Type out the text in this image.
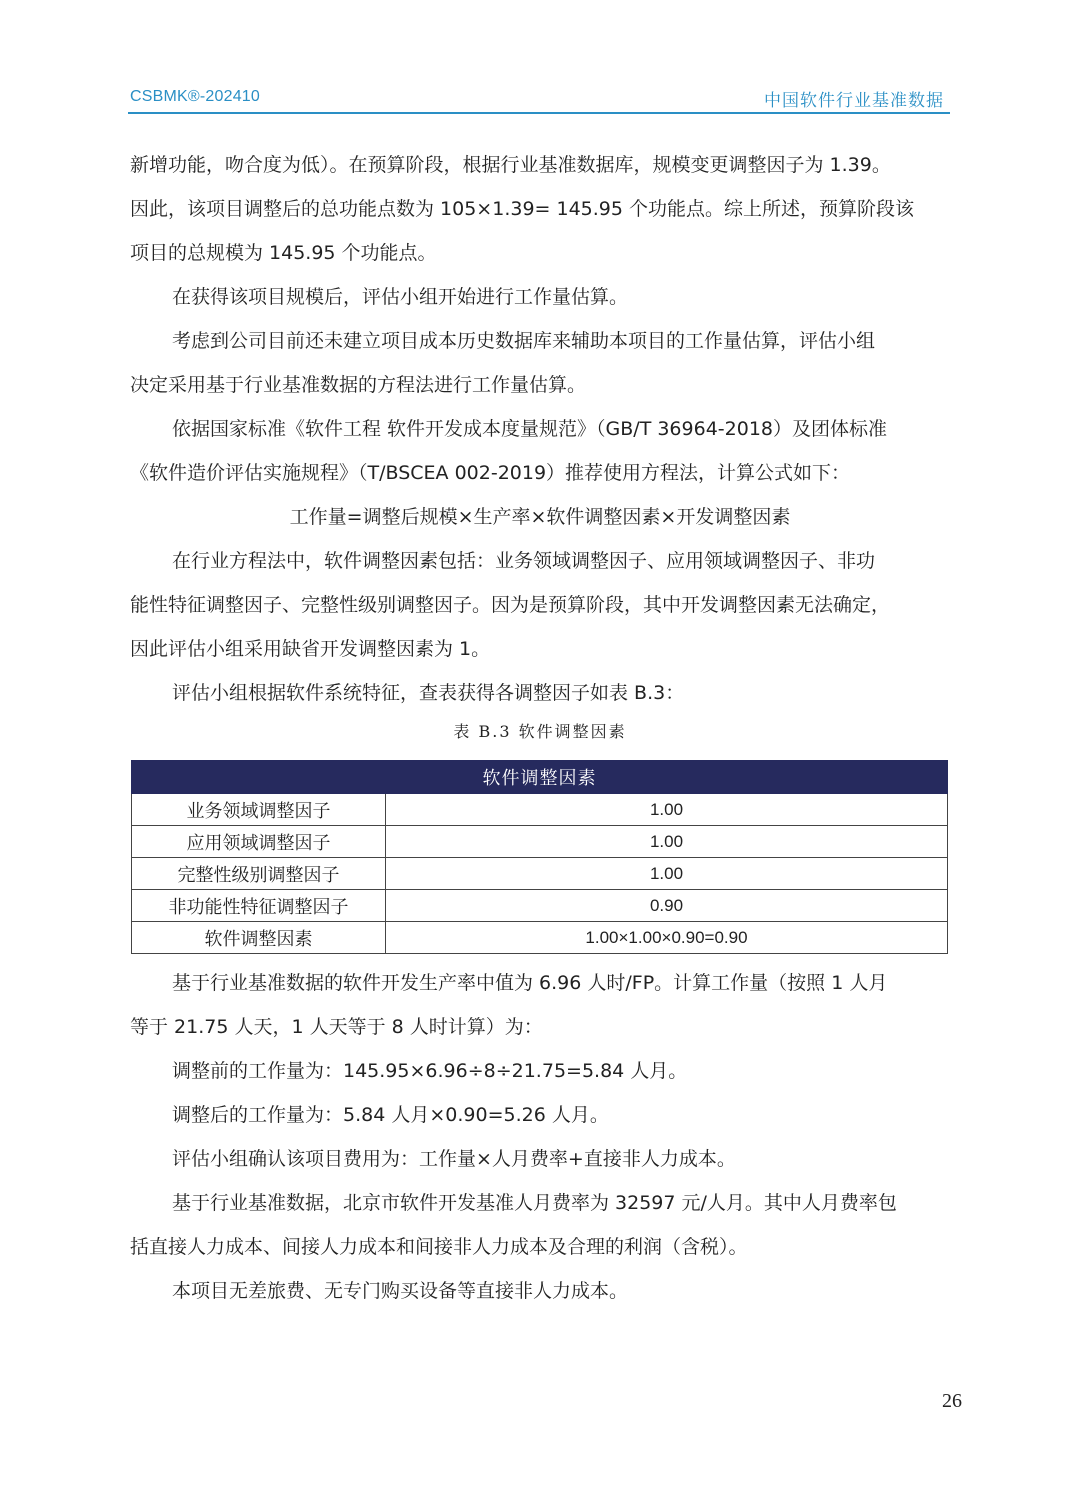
CSBMK®-202410	中国软件行业基准数据
新增功能，吻合度为低）。在预算阶段，根据行业基准数据库，规模变更调整因子为 1.39。
因此，该项目调整后的总功能点数为 105×1.39= 145.95 个功能点。综上所述，预算阶段该
项目的总规模为 145.95 个功能点。
在获得该项目规模后，评估小组开始进行工作量估算。
考虑到公司目前还未建立项目成本历史数据库来辅助本项目的工作量估算，评估小组
决定采用基于行业基准数据的方程法进行工作量估算。
依据国家标准《软件工程 软件开发成本度量规范》（GB/T 36964-2018）及团体标准
《软件造价评估实施规程》（T/BSCEA 002-2019）推荐使用方程法，计算公式如下：
工作量=调整后规模×生产率×软件调整因素×开发调整因素
在行业方程法中，软件调整因素包括：业务领域调整因子、应用领域调整因子、非功
能性特征调整因子、完整性级别调整因子。因为是预算阶段，其中开发调整因素无法确定，
因此评估小组采用缺省开发调整因素为 1。
评估小组根据软件系统特征，查表获得各调整因子如表 B.3：
表 B.3 软件调整因素
软件调整因素	
业务领域调整因子	1.00
应用领域调整因子	1.00
完整性级别调整因子	1.00
非功能性特征调整因子	0.90
软件调整因素	1.00×1.00×0.90=0.90
基于行业基准数据的软件开发生产率中值为 6.96 人时/FP。计算工作量（按照 1 人月
等于 21.75 人天，1 人天等于 8 人时计算）为：
调整前的工作量为：145.95×6.96÷8÷21.75=5.84 人月。
调整后的工作量为：5.84 人月×0.90=5.26 人月。
评估小组确认该项目费用为：工作量×人月费率+直接非人力成本。
基于行业基准数据，北京市软件开发基准人月费率为 32597 元/人月。其中人月费率包
括直接人力成本、间接人力成本和间接非人力成本及合理的利润（含税）。
本项目无差旅费、无专门购买设备等直接非人力成本。
26
